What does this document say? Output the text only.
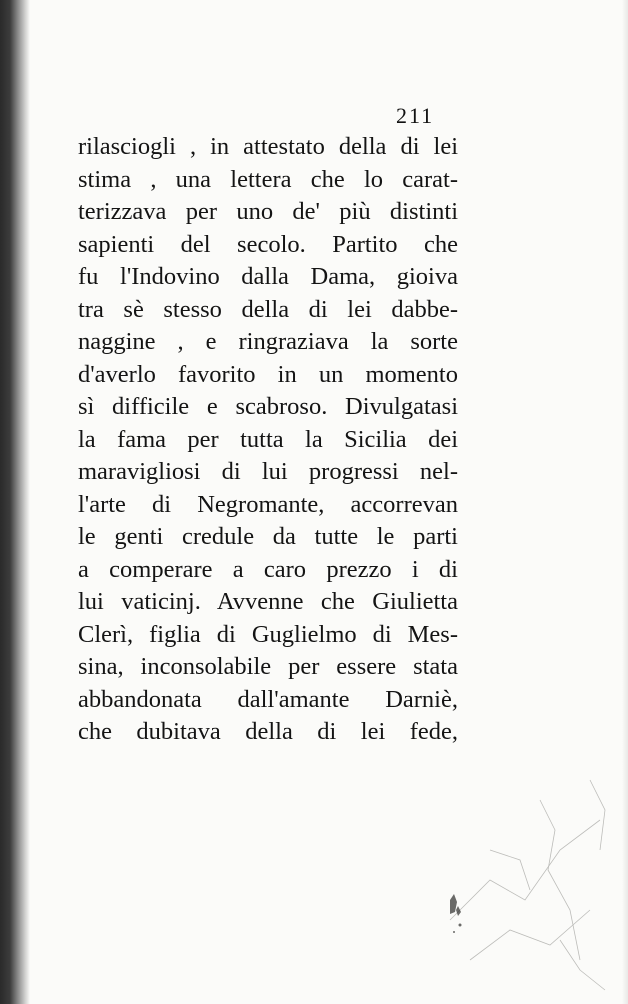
211
rilasciogli , in attestato della di lei
stima , una lettera che lo carat-
terizzava per uno de' più distinti
sapienti del secolo. Partito che
fu l'Indovino dalla Dama, gioiva
tra sè stesso della di lei dabbe-
naggine , e ringraziava la sorte
d'averlo favorito in un momento
sì difficile e scabroso. Divulgatasi
la fama per tutta la Sicilia dei
maravigliosi di lui progressi nel-
l'arte di Negromante, accorrevan
le genti credule da tutte le parti
a comperare a caro prezzo i di
lui vaticinj. Avvenne che Giulietta
Clerì, figlia di Guglielmo di Mes-
sina, inconsolabile per essere stata
abbandonata dall'amante Darniè,
che dubitava della di lei fede,
